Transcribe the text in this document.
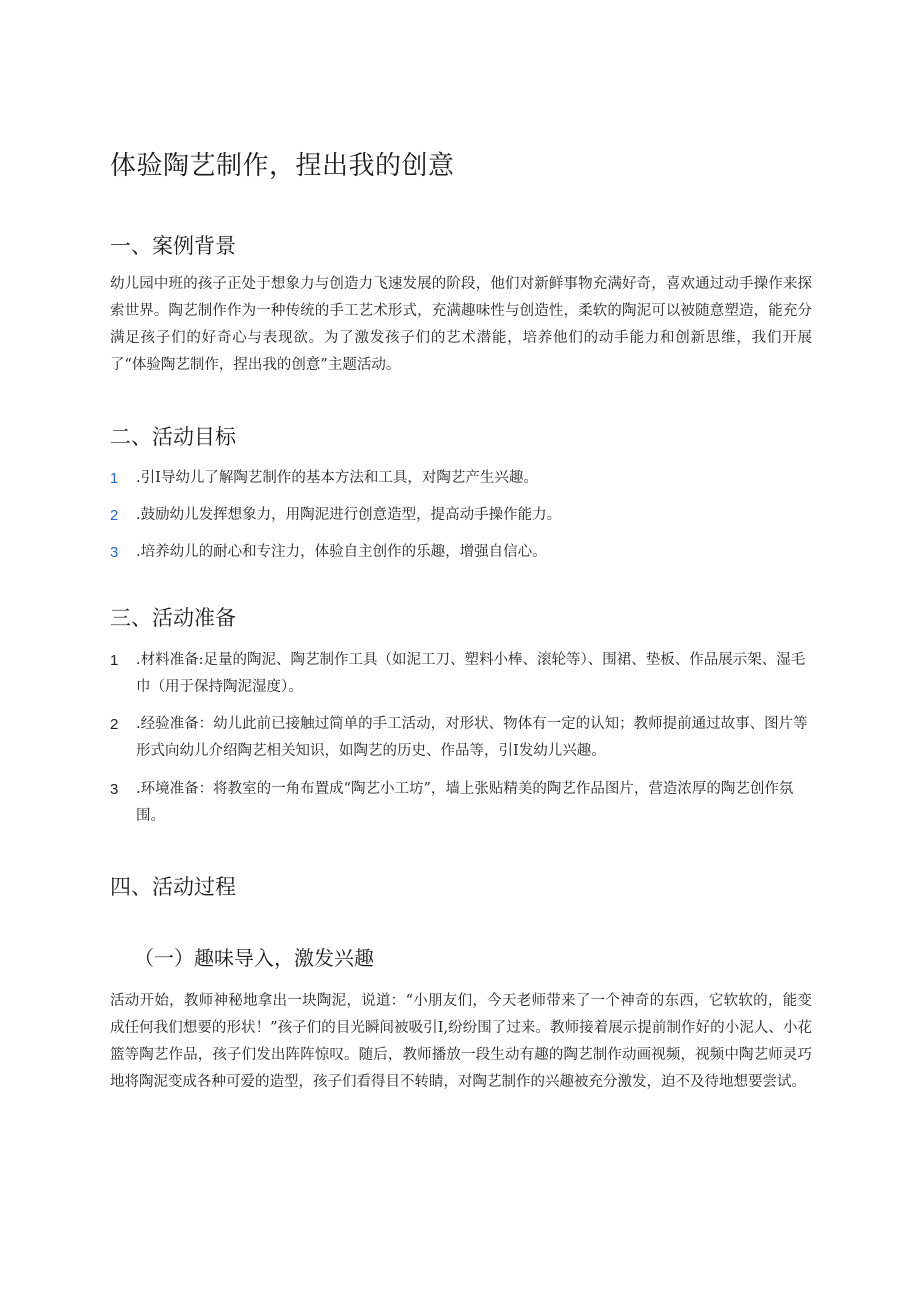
体验陶艺制作，捏出我的创意
一、案例背景

幼儿园中班的孩子正处于想象力与创造力飞速发展的阶段，他们对新鲜事物充满好奇，喜欢通过动手操作来探索世界。陶艺制作作为一种传统的手工艺术形式，充满趣味性与创造性，柔软的陶泥可以被随意塑造，能充分满足孩子们的好奇心与表现欲。为了激发孩子们的艺术潜能，培养他们的动手能力和创新思维，我们开展了“体验陶艺制作，捏出我的创意”主题活动。

二、活动目标
1	.引I导幼儿了解陶艺制作的基本方法和工具，对陶艺产生兴趣。
2	.鼓励幼儿发挥想象力，用陶泥进行创意造型，提高动手操作能力。
3	.培养幼儿的耐心和专注力，体验自主创作的乐趣，增强自信心。
三、活动准备
1	.材料准备:足量的陶泥、陶艺制作工具（如泥工刀、塑料小棒、滚轮等）、围裙、垫板、作品展示架、湿毛巾（用于保持陶泥湿度）。
2	.经验准备：幼儿此前已接触过简单的手工活动，对形状、物体有一定的认知；教师提前通过故事、图片等形式向幼儿介绍陶艺相关知识，如陶艺的历史、作品等，引I发幼儿兴趣。
3	.环境准备：将教室的一角布置成“陶艺小工坊”，墙上张贴精美的陶艺作品图片，营造浓厚的陶艺创作氛围。
四、活动过程
（一）趣味导入，激发兴趣

活动开始，教师神秘地拿出一块陶泥，说道：“小朋友们，今天老师带来了一个神奇的东西，它软软的，能变成任何我们想要的形状！”孩子们的目光瞬间被吸引I,纷纷围了过来。教师接着展示提前制作好的小泥人、小花篮等陶艺作品，孩子们发出阵阵惊叹。随后，教师播放一段生动有趣的陶艺制作动画视频，视频中陶艺师灵巧地将陶泥变成各种可爱的造型，孩子们看得目不转睛，对陶艺制作的兴趣被充分激发，迫不及待地想要尝试。
